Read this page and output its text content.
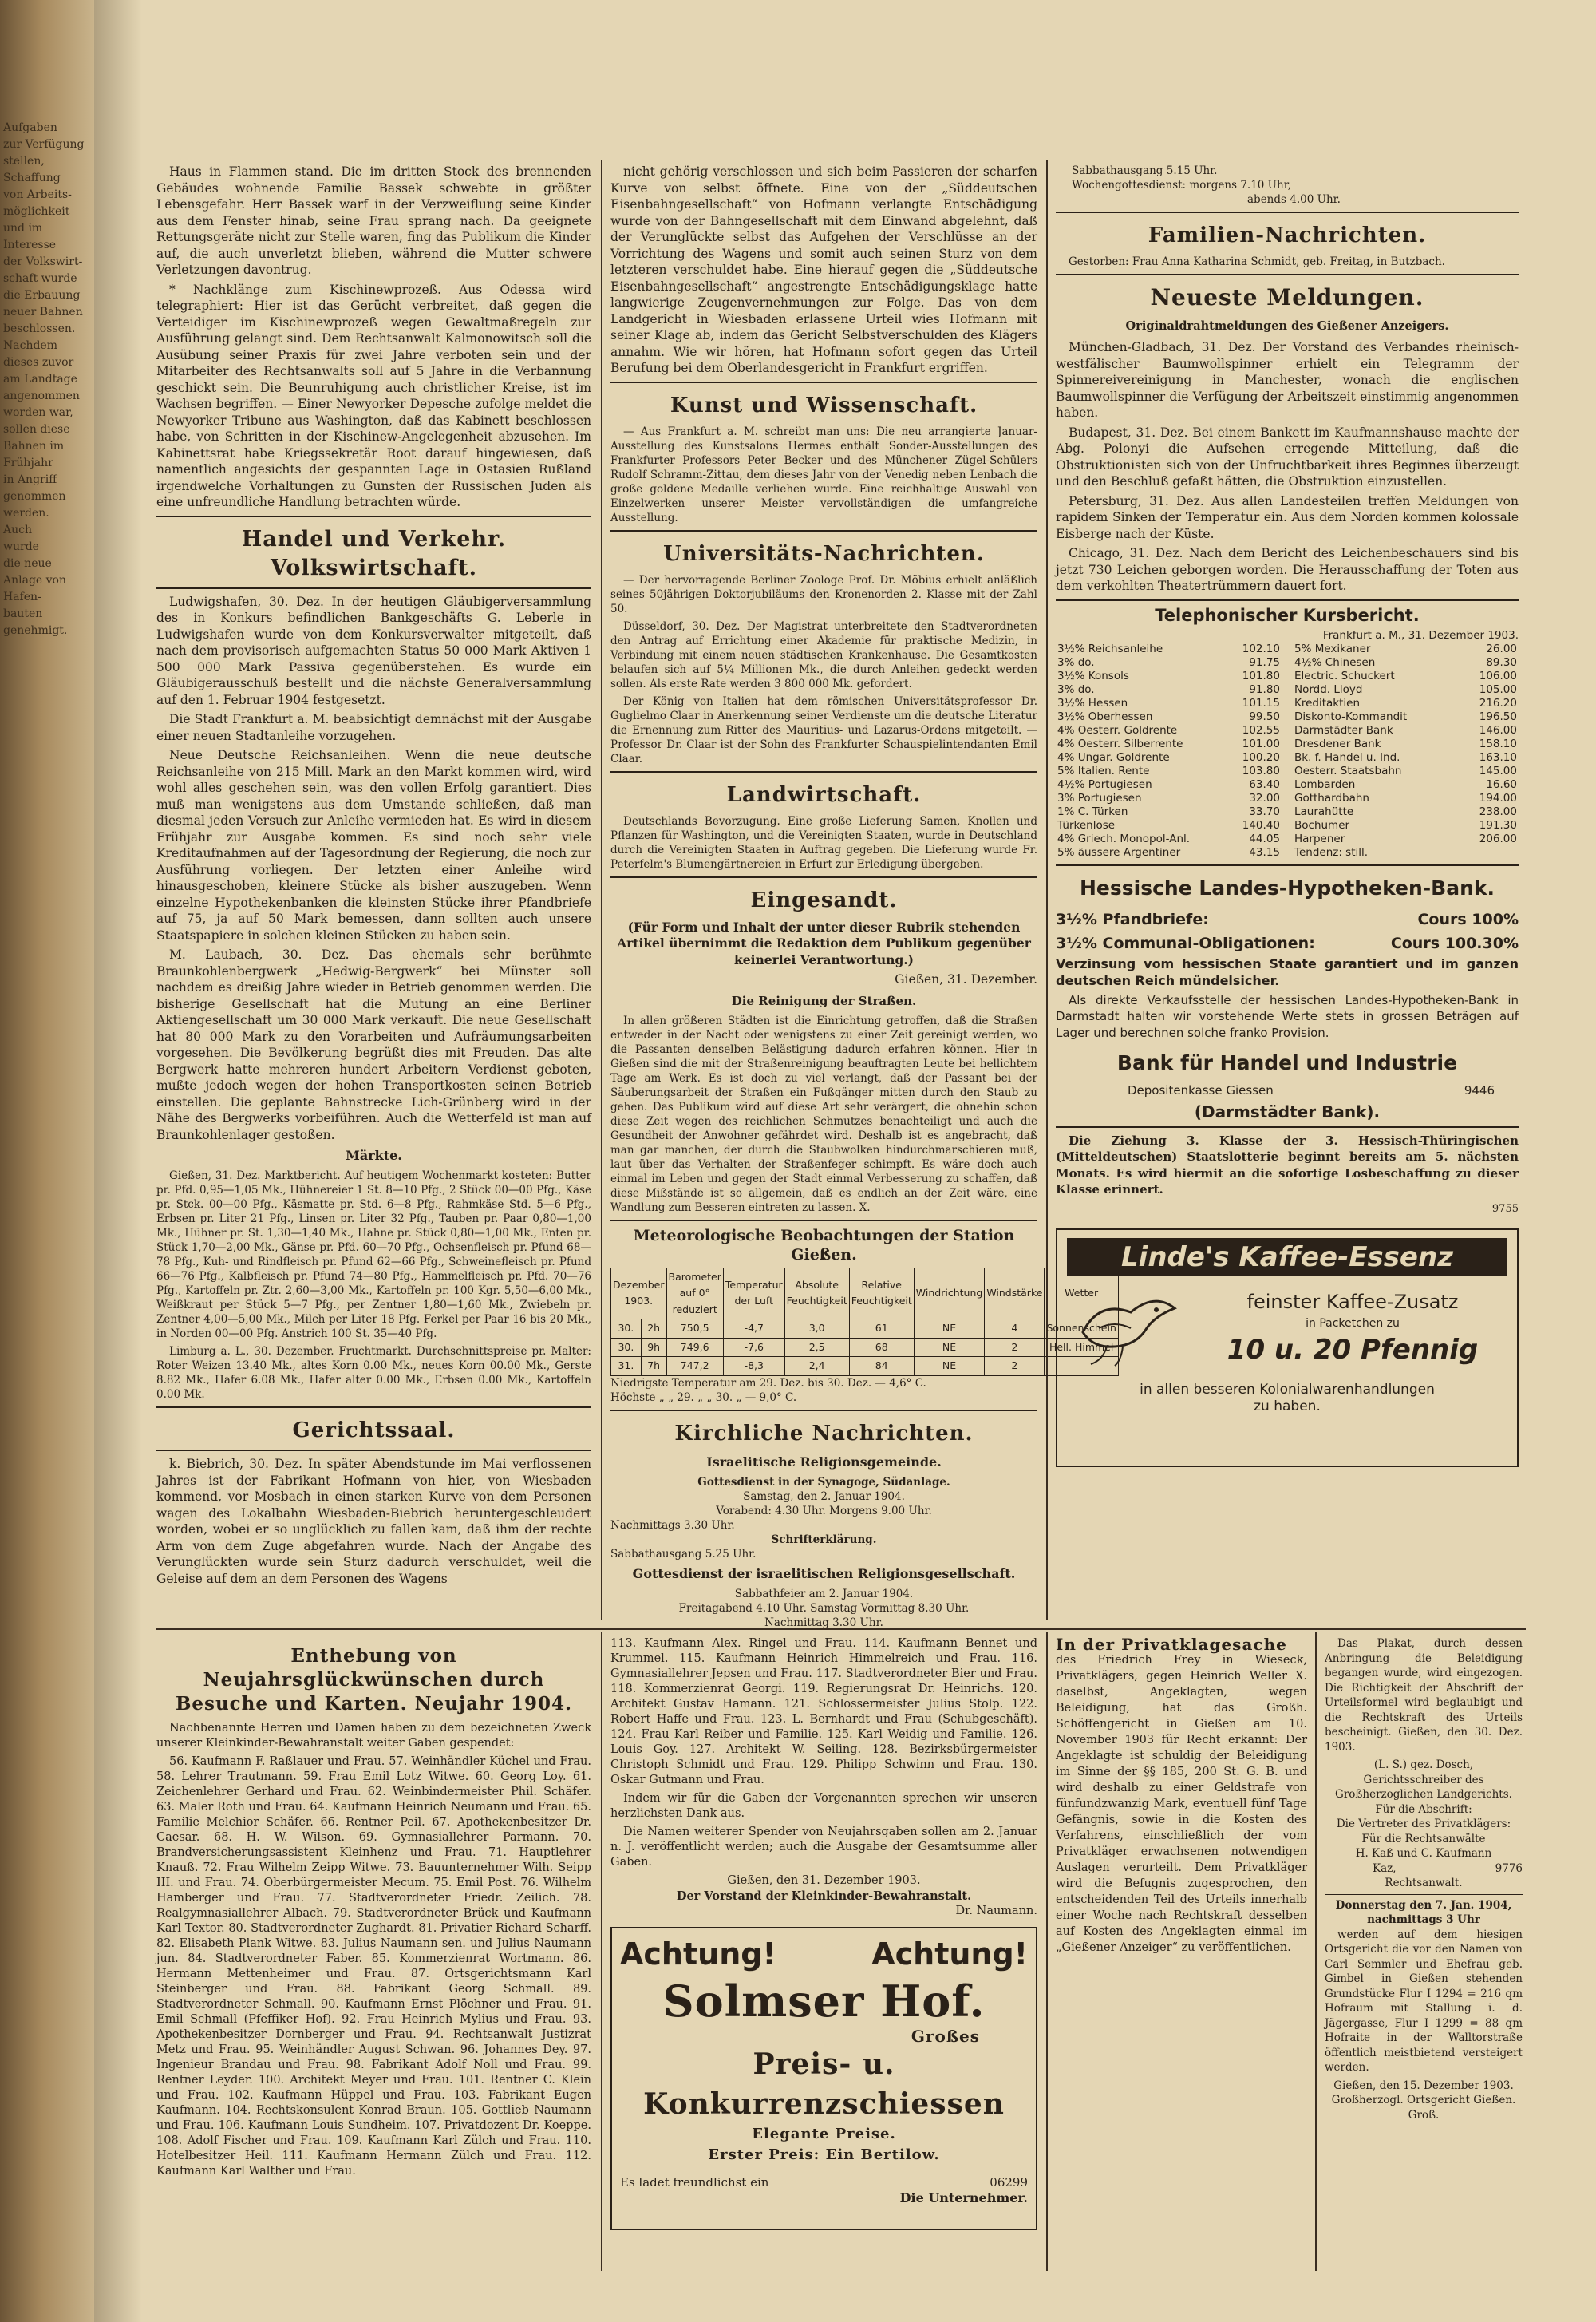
Aufgaben
zur Verfügung
stellen,
Schaffung
von Arbeits-
möglichkeit
und im Interesse
der Volkswirt-
schaft wurde
die Erbauung
neuer Bahnen
beschlossen.
Nachdem
dieses zuvor
am Landtage
angenommen
worden war,
sollen diese
Bahnen im
Frühjahr
in Angriff
genommen
werden.
Auch
wurde
die neue
Anlage von
Hafen-
bauten
genehmigt.

Haus in Flammen stand. Die im dritten Stock des brennenden Gebäudes wohnende Familie Bassek schwebte in größter Lebensgefahr. Herr Bassek warf in der Verzweiflung seine Kinder aus dem Fenster hinab, seine Frau sprang nach. Da geeignete Rettungsgeräte nicht zur Stelle waren, fing das Publikum die Kinder auf, die auch unverletzt blieben, während die Mutter schwere Verletzungen davontrug.

* Nachklänge zum Kischinewprozeß. Aus Odessa wird telegraphiert: Hier ist das Gerücht verbreitet, daß gegen die Verteidiger im Kischinewprozeß wegen Gewaltmaßregeln zur Ausführung gelangt sind. Dem Rechtsanwalt Kalmonowitsch soll die Ausübung seiner Praxis für zwei Jahre verboten sein und der Mitarbeiter des Rechtsanwalts soll auf 5 Jahre in die Verbannung geschickt sein. Die Beunruhigung auch christlicher Kreise, ist im Wachsen begriffen. — Einer Newyorker Depesche zufolge meldet die Newyorker Tribune aus Washington, daß das Kabinett beschlossen habe, von Schritten in der Kischinew-Angelegenheit abzusehen. Im Kabinettsrat habe Kriegssekretär Root darauf hingewiesen, daß namentlich angesichts der gespannten Lage in Ostasien Rußland irgendwelche Vorhaltungen zu Gunsten der Russischen Juden als eine unfreundliche Handlung betrachten würde.

Handel und Verkehr. Volkswirtschaft.

Ludwigshafen, 30. Dez. In der heutigen Gläubigerversammlung des in Konkurs befindlichen Bankgeschäfts G. Leberle in Ludwigshafen wurde von dem Konkursverwalter mitgeteilt, daß nach dem provisorisch aufgemachten Status 50 000 Mark Aktiven 1 500 000 Mark Passiva gegenüberstehen. Es wurde ein Gläubigerausschuß bestellt und die nächste Generalversammlung auf den 1. Februar 1904 festgesetzt.

Die Stadt Frankfurt a. M. beabsichtigt demnächst mit der Ausgabe einer neuen Stadtanleihe vorzugehen.

Neue Deutsche Reichsanleihen. Wenn die neue deutsche Reichsanleihe von 215 Mill. Mark an den Markt kommen wird, wird wohl alles geschehen sein, was den vollen Erfolg garantiert. Dies muß man wenigstens aus dem Umstande schließen, daß man diesmal jeden Versuch zur Anleihe vermieden hat. Es wird in diesem Frühjahr zur Ausgabe kommen. Es sind noch sehr viele Kreditaufnahmen auf der Tagesordnung der Regierung, die noch zur Ausführung vorliegen. Der letzten einer Anleihe wird hinausgeschoben, kleinere Stücke als bisher auszugeben. Wenn einzelne Hypothekenbanken die kleinsten Stücke ihrer Pfandbriefe auf 75, ja auf 50 Mark bemessen, dann sollten auch unsere Staatspapiere in solchen kleinen Stücken zu haben sein.

M. Laubach, 30. Dez. Das ehemals sehr berühmte Braunkohlenbergwerk „Hedwig-Bergwerk“ bei Münster soll nachdem es dreißig Jahre wieder in Betrieb genommen werden. Die bisherige Gesellschaft hat die Mutung an eine Berliner Aktiengesellschaft um 30 000 Mark verkauft. Die neue Gesellschaft hat 80 000 Mark zu den Vorarbeiten und Aufräumungsarbeiten vorgesehen. Die Bevölkerung begrüßt dies mit Freuden. Das alte Bergwerk hatte mehreren hundert Arbeitern Verdienst geboten, mußte jedoch wegen der hohen Transportkosten seinen Betrieb einstellen. Die geplante Bahnstrecke Lich-Grünberg wird in der Nähe des Bergwerks vorbeiführen. Auch die Wetterfeld ist man auf Braunkohlenlager gestoßen.

Märkte.

Gießen, 31. Dez. Marktbericht. Auf heutigem Wochenmarkt kosteten: Butter pr. Pfd. 0,95—1,05 Mk., Hühnereier 1 St. 8—10 Pfg., 2 Stück 00—00 Pfg., Käse pr. Stck. 00—00 Pfg., Käsmatte pr. Std. 6—8 Pfg., Rahmkäse Std. 5—6 Pfg., Erbsen pr. Liter 21 Pfg., Linsen pr. Liter 32 Pfg., Tauben pr. Paar 0,80—1,00 Mk., Hühner pr. St. 1,30—1,40 Mk., Hahne pr. Stück 0,80—1,00 Mk., Enten pr. Stück 1,70—2,00 Mk., Gänse pr. Pfd. 60—70 Pfg., Ochsenfleisch pr. Pfund 68—78 Pfg., Kuh- und Rindfleisch pr. Pfund 62—66 Pfg., Schweinefleisch pr. Pfund 66—76 Pfg., Kalbfleisch pr. Pfund 74—80 Pfg., Hammelfleisch pr. Pfd. 70—76 Pfg., Kartoffeln pr. Ztr. 2,60—3,00 Mk., Kartoffeln pr. 100 Kgr. 5,50—6,00 Mk., Weißkraut per Stück 5—7 Pfg., per Zentner 1,80—1,60 Mk., Zwiebeln pr. Zentner 4,00—5,00 Mk., Milch per Liter 18 Pfg. Ferkel per Paar 16 bis 20 Mk., in Norden 00—00 Pfg. Anstrich 100 St. 35—40 Pfg.

Limburg a. L., 30. Dezember. Fruchtmarkt. Durchschnittspreise pr. Malter: Roter Weizen 13.40 Mk., altes Korn 0.00 Mk., neues Korn 00.00 Mk., Gerste 8.82 Mk., Hafer 6.08 Mk., Hafer alter 0.00 Mk., Erbsen 0.00 Mk., Kartoffeln 0.00 Mk.

Gerichtssaal.

k. Biebrich, 30. Dez. In später Abendstunde im Mai verflossenen Jahres ist der Fabrikant Hofmann von hier, von Wiesbaden kommend, vor Mosbach in einen starken Kurve von dem Personen wagen des Lokalbahn Wiesbaden-Biebrich heruntergeschleudert worden, wobei er so unglücklich zu fallen kam, daß ihm der rechte Arm von dem Zuge abgefahren wurde. Nach der Angabe des Verunglückten wurde sein Sturz dadurch verschuldet, weil die Geleise auf dem an dem Personen des Wagens

nicht gehörig verschlossen und sich beim Passieren der scharfen Kurve von selbst öffnete. Eine von der „Süddeutschen Eisenbahngesellschaft“ von Hofmann verlangte Entschädigung wurde von der Bahngesellschaft mit dem Einwand abgelehnt, daß der Verunglückte selbst das Aufgehen der Verschlüsse an der Vorrichtung des Wagens und somit auch seinen Sturz von dem letzteren verschuldet habe. Eine hierauf gegen die „Süddeutsche Eisenbahngesellschaft“ angestrengte Entschädigungsklage hatte langwierige Zeugenvernehmungen zur Folge. Das von dem Landgericht in Wiesbaden erlassene Urteil wies Hofmann mit seiner Klage ab, indem das Gericht Selbstverschulden des Klägers annahm. Wie wir hören, hat Hofmann sofort gegen das Urteil Berufung bei dem Oberlandesgericht in Frankfurt ergriffen.

Kunst und Wissenschaft.

— Aus Frankfurt a. M. schreibt man uns: Die neu arrangierte Januar-Ausstellung des Kunstsalons Hermes enthält Sonder-Ausstellungen des Frankfurter Professors Peter Becker und des Münchener Zügel-Schülers Rudolf Schramm-Zittau, dem dieses Jahr von der Venedig neben Lenbach die große goldene Medaille verliehen wurde. Eine reichhaltige Auswahl von Einzelwerken unserer Meister vervollständigen die umfangreiche Ausstellung.

Universitäts-Nachrichten.

— Der hervorragende Berliner Zoologe Prof. Dr. Möbius erhielt anläßlich seines 50jährigen Doktorjubiläums den Kronenorden 2. Klasse mit der Zahl 50.

Düsseldorf, 30. Dez. Der Magistrat unterbreitete den Stadtverordneten den Antrag auf Errichtung einer Akademie für praktische Medizin, in Verbindung mit einem neuen städtischen Krankenhause. Die Gesamtkosten belaufen sich auf 5¼ Millionen Mk., die durch Anleihen gedeckt werden sollen. Als erste Rate werden 3 800 000 Mk. gefordert.

Der König von Italien hat dem römischen Universitätsprofessor Dr. Guglielmo Claar in Anerkennung seiner Verdienste um die deutsche Literatur die Ernennung zum Ritter des Mauritius- und Lazarus-Ordens mitgeteilt. — Professor Dr. Claar ist der Sohn des Frankfurter Schauspielintendanten Emil Claar.

Landwirtschaft.

Deutschlands Bevorzugung. Eine große Lieferung Samen, Knollen und Pflanzen für Washington, und die Vereinigten Staaten, wurde in Deutschland durch die Vereinigten Staaten in Auftrag gegeben. Die Lieferung wurde Fr. Peterfelm's Blumengärtnereien in Erfurt zur Erledigung übergeben.

Eingesandt.

(Für Form und Inhalt der unter dieser Rubrik stehenden Artikel übernimmt die Redaktion dem Publikum gegenüber keinerlei Verantwortung.)

Gießen, 31. Dezember.
Die Reinigung der Straßen.

In allen größeren Städten ist die Einrichtung getroffen, daß die Straßen entweder in der Nacht oder wenigstens zu einer Zeit gereinigt werden, wo die Passanten denselben Belästigung dadurch erfahren können. Hier in Gießen sind die mit der Straßenreinigung beauftragten Leute bei hellichtem Tage am Werk. Es ist doch zu viel verlangt, daß der Passant bei der Säuberungsarbeit der Straßen ein Fußgänger mitten durch den Staub zu gehen. Das Publikum wird auf diese Art sehr verärgert, die ohnehin schon diese Zeit wegen des reichlichen Schmutzes benachteiligt und auch die Gesundheit der Anwohner gefährdet wird. Deshalb ist es angebracht, daß man gar manchen, der durch die Staubwolken hindurchmarschieren muß, laut über das Verhalten der Straßenfeger schimpft. Es wäre doch auch einmal im Leben und gegen der Stadt einmal Verbesserung zu schaffen, daß diese Mißstände ist so allgemein, daß es endlich an der Zeit wäre, eine Wandlung zum Besseren eintreten zu lassen. X.

Meteorologische Beobachtungen der Station Gießen.
Dezember 1903.		Barometer auf 0° reduziert	Temperatur der Luft	Absolute Feuchtigkeit	Relative Feuchtigkeit	Windrichtung	Windstärke	Wetter
30.	2h	750,5	-4,7	3,0	61	NE	4	Sonnenschein
30.	9h	749,6	-7,6	2,5	68	NE	2	Hell. Himmel
31.	7h	747,2	-8,3	2,4	84	NE	2	
Niedrigste Temperatur am 29. Dez. bis 30. Dez. — 4,6° C.
Höchste „ „ 29. „ „ 30. „ — 9,0° C.
Kirchliche Nachrichten.
Israelitische Religionsgemeinde.
Gottesdienst in der Synagoge, Südanlage.
Samstag, den 2. Januar 1904.
Vorabend: 4.30 Uhr. Morgens 9.00 Uhr.
Nachmittags 3.30 Uhr.
Schrifterklärung.
Sabbathausgang 5.25 Uhr.
Gottesdienst der israelitischen Religionsgesellschaft.
Sabbathfeier am 2. Januar 1904.
Freitagabend 4.10 Uhr. Samstag Vormittag 8.30 Uhr.
Nachmittag 3.30 Uhr.
Sabbathausgang 5.15 Uhr.
Wochengottesdienst: morgens 7.10 Uhr,
abends 4.00 Uhr.
Familien-Nachrichten.

Gestorben: Frau Anna Katharina Schmidt, geb. Freitag, in Butzbach.

Neueste Meldungen.
Originaldrahtmeldungen des Gießener Anzeigers.

München-Gladbach, 31. Dez. Der Vorstand des Verbandes rheinisch-westfälischer Baumwollspinner erhielt ein Telegramm der Spinnereivereinigung in Manchester, wonach die englischen Baumwollspinner die Verfügung der Arbeitszeit einstimmig angenommen haben.

Budapest, 31. Dez. Bei einem Bankett im Kaufmannshause machte der Abg. Polonyi die Aufsehen erregende Mitteilung, daß die Obstruktionisten sich von der Unfruchtbarkeit ihres Beginnes überzeugt und den Beschluß gefaßt hätten, die Obstruktion einzustellen.

Petersburg, 31. Dez. Aus allen Landesteilen treffen Meldungen von rapidem Sinken der Temperatur ein. Aus dem Norden kommen kolossale Eisberge nach der Küste.

Chicago, 31. Dez. Nach dem Bericht des Leichenbeschauers sind bis jetzt 730 Leichen geborgen worden. Die Herausschaffung der Toten aus dem verkohlten Theatertrümmern dauert fort.

Telephonischer Kursbericht.
Frankfurt a. M., 31. Dezember 1903.
3½% Reichsanleihe	102.10
3% do.	91.75
3½% Konsols	101.80
3% do.	91.80
3½% Hessen	101.15
3½% Oberhessen	99.50
4% Oesterr. Goldrente	102.55
4% Oesterr. Silberrente	101.00
4% Ungar. Goldrente	100.20
5% Italien. Rente	103.80
4½% Portugiesen	63.40
3% Portugiesen	32.00
1% C. Türken	33.70
Türkenlose	140.40
4% Griech. Monopol-Anl.	44.05
5% äussere Argentiner	43.15
5% Mexikaner	26.00
4½% Chinesen	89.30
Electric. Schuckert	106.00
Nordd. Lloyd	105.00
Kreditaktien	216.20
Diskonto-Kommandit	196.50
Darmstädter Bank	146.00
Dresdener Bank	158.10
Bk. f. Handel u. Ind.	163.10
Oesterr. Staatsbahn	145.00
Lombarden	16.60
Gotthardbahn	194.00
Laurahütte	238.00
Bochumer	191.30
Harpener	206.00
Tendenz: still.	
Hessische Landes-Hypotheken-Bank.
3½% Pfandbriefe:	Cours 100%
3½% Communal-Obligationen:	Cours 100.30%

Verzinsung vom hessischen Staate garantiert und im ganzen deutschen Reich mündelsicher.

Als direkte Verkaufsstelle der hessischen Landes-Hypotheken-Bank in Darmstadt halten wir vorstehende Werte stets in grossen Beträgen auf Lager und berechnen solche franko Provision.

Bank für Handel und Industrie
Depositenkasse Giessen	9446
(Darmstädter Bank).

Die Ziehung 3. Klasse der 3. Hessisch-Thüringischen (Mitteldeutschen) Staatslotterie beginnt bereits am 5. nächsten Monats. Es wird hiermit an die sofortige Losbeschaffung zu dieser Klasse erinnert.

9755
Linde's Kaffee-Essenz
feinster Kaffee-Zusatz
in Packetchen zu
10 u. 20 Pfennig
in allen besseren Kolonialwarenhandlungen
zu haben.
Enthebung von Neujahrsglückwünschen durch Besuche und Karten. Neujahr 1904.

Nachbenannte Herren und Damen haben zu dem bezeichneten Zweck unserer Kleinkinder-Bewahranstalt weiter Gaben gespendet:

56. Kaufmann F. Raßlauer und Frau. 57. Weinhändler Küchel und Frau. 58. Lehrer Trautmann. 59. Frau Emil Lotz Witwe. 60. Georg Loy. 61. Zeichenlehrer Gerhard und Frau. 62. Weinbindermeister Phil. Schäfer. 63. Maler Roth und Frau. 64. Kaufmann Heinrich Neumann und Frau. 65. Familie Melchior Schäfer. 66. Rentner Peil. 67. Apothekenbesitzer Dr. Caesar. 68. H. W. Wilson. 69. Gymnasiallehrer Parmann. 70. Brandversicherungsassistent Kleinhenz und Frau. 71. Hauptlehrer Knauß. 72. Frau Wilhelm Zeipp Witwe. 73. Bauunternehmer Wilh. Seipp III. und Frau. 74. Oberbürgermeister Mecum. 75. Emil Post. 76. Wilhelm Hamberger und Frau. 77. Stadtverordneter Friedr. Zeilich. 78. Realgymnasiallehrer Albach. 79. Stadtverordneter Brück und Kaufmann Karl Textor. 80. Stadtverordneter Zughardt. 81. Privatier Richard Scharff. 82. Elisabeth Plank Witwe. 83. Julius Naumann sen. und Julius Naumann jun. 84. Stadtverordneter Faber. 85. Kommerzienrat Wortmann. 86. Hermann Mettenheimer und Frau. 87. Ortsgerichtsmann Karl Steinberger und Frau. 88. Fabrikant Georg Schmall. 89. Stadtverordneter Schmall. 90. Kaufmann Ernst Plöchner und Frau. 91. Emil Schmall (Pfeffiker Hof). 92. Frau Heinrich Mylius und Frau. 93. Apothekenbesitzer Dornberger und Frau. 94. Rechtsanwalt Justizrat Metz und Frau. 95. Weinhändler August Schwan. 96. Johannes Dey. 97. Ingenieur Brandau und Frau. 98. Fabrikant Adolf Noll und Frau. 99. Rentner Leyder. 100. Architekt Meyer und Frau. 101. Rentner C. Klein und Frau. 102. Kaufmann Hüppel und Frau. 103. Fabrikant Eugen Kaufmann. 104. Rechtskonsulent Konrad Braun. 105. Gottlieb Naumann und Frau. 106. Kaufmann Louis Sundheim. 107. Privatdozent Dr. Koeppe. 108. Adolf Fischer und Frau. 109. Kaufmann Karl Zülch und Frau. 110. Hotelbesitzer Heil. 111. Kaufmann Hermann Zülch und Frau. 112. Kaufmann Karl Walther und Frau.

113. Kaufmann Alex. Ringel und Frau. 114. Kaufmann Bennet und Krummel. 115. Kaufmann Heinrich Himmelreich und Frau. 116. Gymnasiallehrer Jepsen und Frau. 117. Stadtverordneter Bier und Frau. 118. Kommerzienrat Georgi. 119. Regierungsrat Dr. Heinrichs. 120. Architekt Gustav Hamann. 121. Schlossermeister Julius Stolp. 122. Robert Haffe und Frau. 123. L. Bernhardt und Frau (Schubgeschäft). 124. Frau Karl Reiber und Familie. 125. Karl Weidig und Familie. 126. Louis Goy. 127. Architekt W. Seiling. 128. Bezirksbürgermeister Christoph Schmidt und Frau. 129. Philipp Schwinn und Frau. 130. Oskar Gutmann und Frau.

Indem wir für die Gaben der Vorgenannten sprechen wir unseren herzlichsten Dank aus.

Die Namen weiterer Spender von Neujahrsgaben sollen am 2. Januar n. J. veröffentlicht werden; auch die Ausgabe der Gesamtsumme aller Gaben.

Gießen, den 31. Dezember 1903.
Der Vorstand der Kleinkinder-Bewahranstalt.
Dr. Naumann.
Achtung!	Achtung!
Solmser Hof.
Großes
Preis- u. Konkurrenzschiessen
Elegante Preise.
Erster Preis: Ein Bertilow.
Es ladet freundlichst ein	06299
Die Unternehmer.
In der Privatklagesache

des Friedrich Frey in Wieseck, Privatklägers, gegen Heinrich Weller X. daselbst, Angeklagten, wegen Beleidigung, hat das Großh. Schöffengericht in Gießen am 10. November 1903 für Recht erkannt: Der Angeklagte ist schuldig der Beleidigung im Sinne der §§ 185, 200 St. G. B. und wird deshalb zu einer Geldstrafe von fünfundzwanzig Mark, eventuell fünf Tage Gefängnis, sowie in die Kosten des Verfahrens, einschließlich der vom Privatkläger erwachsenen notwendigen Auslagen verurteilt. Dem Privatkläger wird die Befugnis zugesprochen, den entscheidenden Teil des Urteils innerhalb einer Woche nach Rechtskraft desselben auf Kosten des Angeklagten einmal im „Gießener Anzeiger“ zu veröffentlichen.

Das Plakat, durch dessen Anbringung die Beleidigung begangen wurde, wird eingezogen. Die Richtigkeit der Abschrift der Urteilsformel wird beglaubigt und die Rechtskraft des Urteils bescheinigt. Gießen, den 30. Dez. 1903.

(L. S.) gez. Dosch,
Gerichtsschreiber des Großherzoglichen Landgerichts.
Für die Abschrift:
Die Vertreter des Privatklägers:
Für die Rechtsanwälte
H. Kaß und C. Kaufmann
Kaz,	9776
Rechtsanwalt.
Donnerstag den 7. Jan. 1904, nachmittags 3 Uhr

werden auf dem hiesigen Ortsgericht die vor den Namen von Carl Semmler und Ehefrau geb. Gimbel in Gießen stehenden Grundstücke Flur I 1294 = 216 qm Hofraum mit Stallung i. d. Jägergasse, Flur I 1299 = 88 qm Hofraite in der Walltorstraße öffentlich meistbietend versteigert werden.

Gießen, den 15. Dezember 1903.
Großherzogl. Ortsgericht Gießen.
Groß.
